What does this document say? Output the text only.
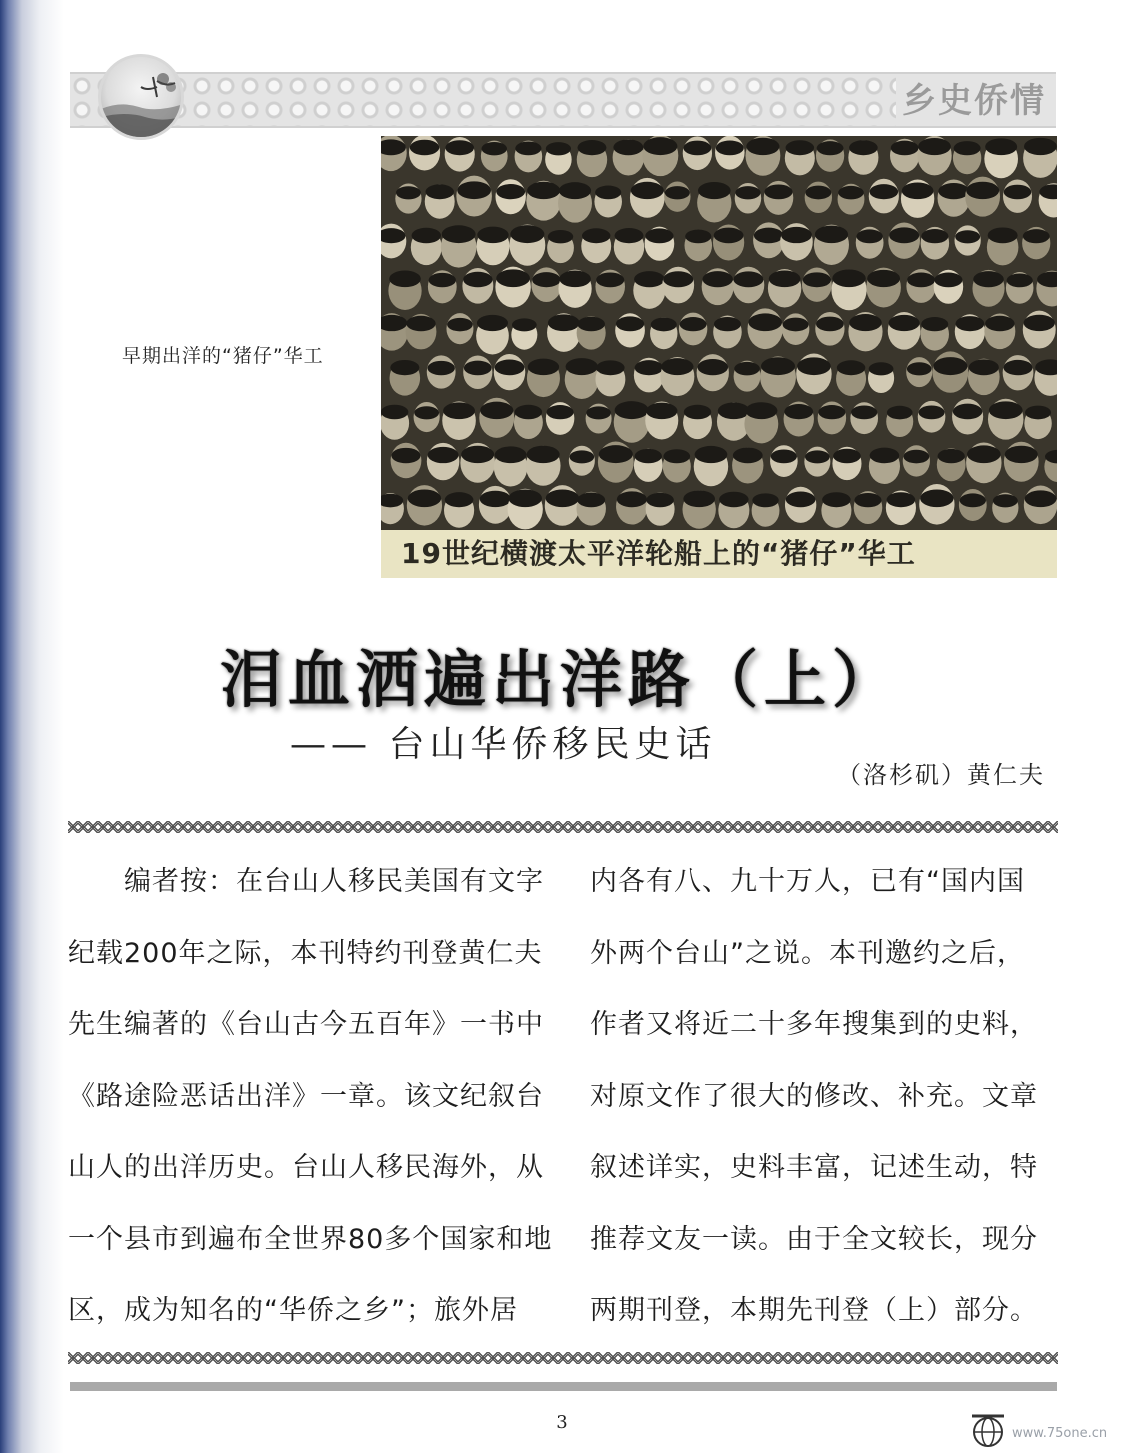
乡史侨情
早期出洋的“猪仔”华工
19世纪横渡太平洋轮船上的“猪仔”华工
泪血洒遍出洋路（上）
—— 台山华侨移民史话
（洛杉矶）黄仁夫

　　编者按：在台山人移民美国有文字

纪载200年之际，本刊特约刊登黄仁夫

先生编著的《台山古今五百年》一书中

《路途险恶话出洋》一章。该文纪叙台

山人的出洋历史。台山人移民海外，从

一个县市到遍布全世界80多个国家和地

区，成为知名的“华侨之乡”；旅外居

内各有八、九十万人，已有“国内国

外两个台山”之说。本刊邀约之后，

作者又将近二十多年搜集到的史料，

对原文作了很大的修改、补充。文章

叙述详实，史料丰富，记述生动，特

推荐文友一读。由于全文较长，现分

两期刊登，本期先刊登（上）部分。

3
www.75one.cn
